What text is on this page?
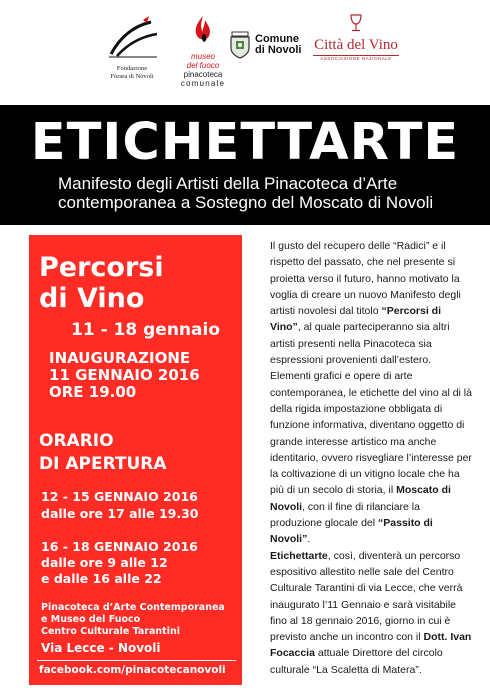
Fondazione
Fòrara di Novoli
museo
del fuoco
pinacoteca
comunale
Comune
di Novoli Città del Vino
ASSOCIAZIONE NAZIONALE
ETICHETTARTE
Manifesto degli Artisti della Pinacoteca d’Arte
contemporanea a Sostegno del Moscato di Novoli
Percorsi
di Vino
11 - 18 gennaio
INAUGURAZIONE
11 GENNAIO 2016
ORE 19.00
ORARIO
DI APERTURA
12 - 15 GENNAIO 2016
dalle ore 17 alle 19.30
16 - 18 GENNAIO 2016
dalle ore 9 alle 12
e dalle 16 alle 22
Pinacoteca d’Arte Contemporanea
e Museo del Fuoco
Centro Culturale Tarantini
Via Lecce - Novoli
facebook.com/pinacotecanovoli

Il gusto del recupero delle “Radici” e il rispetto del passato, che nel presente si proietta verso il futuro, hanno motivato la voglia di creare un nuovo Manifesto degli artisti novolesi dal titolo “Percorsi di Vino”, al quale parteciperanno sia altri artisti presenti nella Pinacoteca sia espressioni provenienti dall’estero.

Elementi grafici e opere di arte contemporanea, le etichette del vino al di là della rigida impostazione obbligata di funzione informativa, diventano oggetto di grande interesse artistico ma anche identitario, ovvero risvegliare l’interesse per la coltivazione di un vitigno locale che ha più di un secolo di storia, il Moscato di Novoli, con il fine di rilanciare la produzione glocale del “Passito di Novoli”.

Etichettarte, così, diventerà un percorso espositivo allestito nelle sale del Centro Culturale Tarantini di via Lecce, che verrà inaugurato l’11 Gennaio e sarà visitabile fino al 18 gennaio 2016, giorno in cui è previsto anche un incontro con il Dott. Ivan Focaccia attuale Direttore del circolo culturale “La Scaletta di Matera”.
